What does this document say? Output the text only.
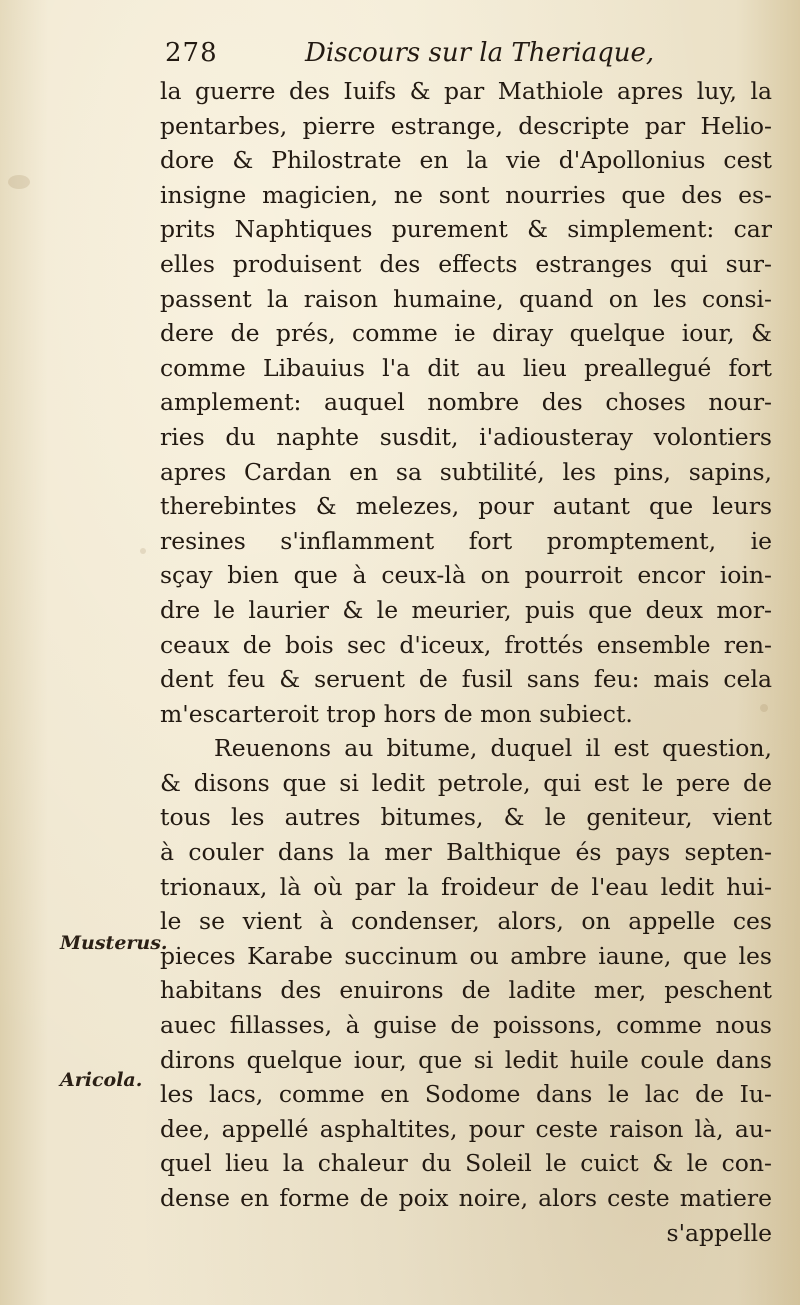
278	Discours sur la Theriaque,
la guerre des Iuifs & par Mathiole apres luy, la
pentarbes, pierre estrange, descripte par Helio-
dore & Philostrate en la vie d'Apollonius cest
insigne magicien, ne sont nourries que des es-
prits Naphtiques purement & simplement: car
elles produisent des effects estranges qui sur-
passent la raison humaine, quand on les consi-
dere de prés, comme ie diray quelque iour, &
comme Libauius l'a dit au lieu preallegué fort
amplement: auquel nombre des choses nour-
ries du naphte susdit, i'adiousteray volontiers
apres Cardan en sa subtilité, les pins, sapins,
therebintes & melezes, pour autant que leurs
resines s'inflamment fort promptement, ie
sçay bien que à ceux-là on pourroit encor ioin-
dre le laurier & le meurier, puis que deux mor-
ceaux de bois sec d'iceux, frottés ensemble ren-
dent feu & seruent de fusil sans feu: mais cela
m'escarteroit trop hors de mon subiect.
Reuenons au bitume, duquel il est question,
& disons que si ledit petrole, qui est le pere de
tous les autres bitumes, & le geniteur, vient
à couler dans la mer Balthique és pays septen-
trionaux, là où par la froideur de l'eau ledit hui-
le se vient à condenser, alors, on appelle ces
pieces Karabe succinum ou ambre iaune, que les
habitans des enuirons de ladite mer, peschent
auec fillasses, à guise de poissons, comme nous
dirons quelque iour, que si ledit huile coule dans
les lacs, comme en Sodome dans le lac de Iu-
dee, appellé asphaltites, pour ceste raison là, au-
quel lieu la chaleur du Soleil le cuict & le con-
dense en forme de poix noire, alors ceste matiere
s'appelle
Musterus.
Aricola.
